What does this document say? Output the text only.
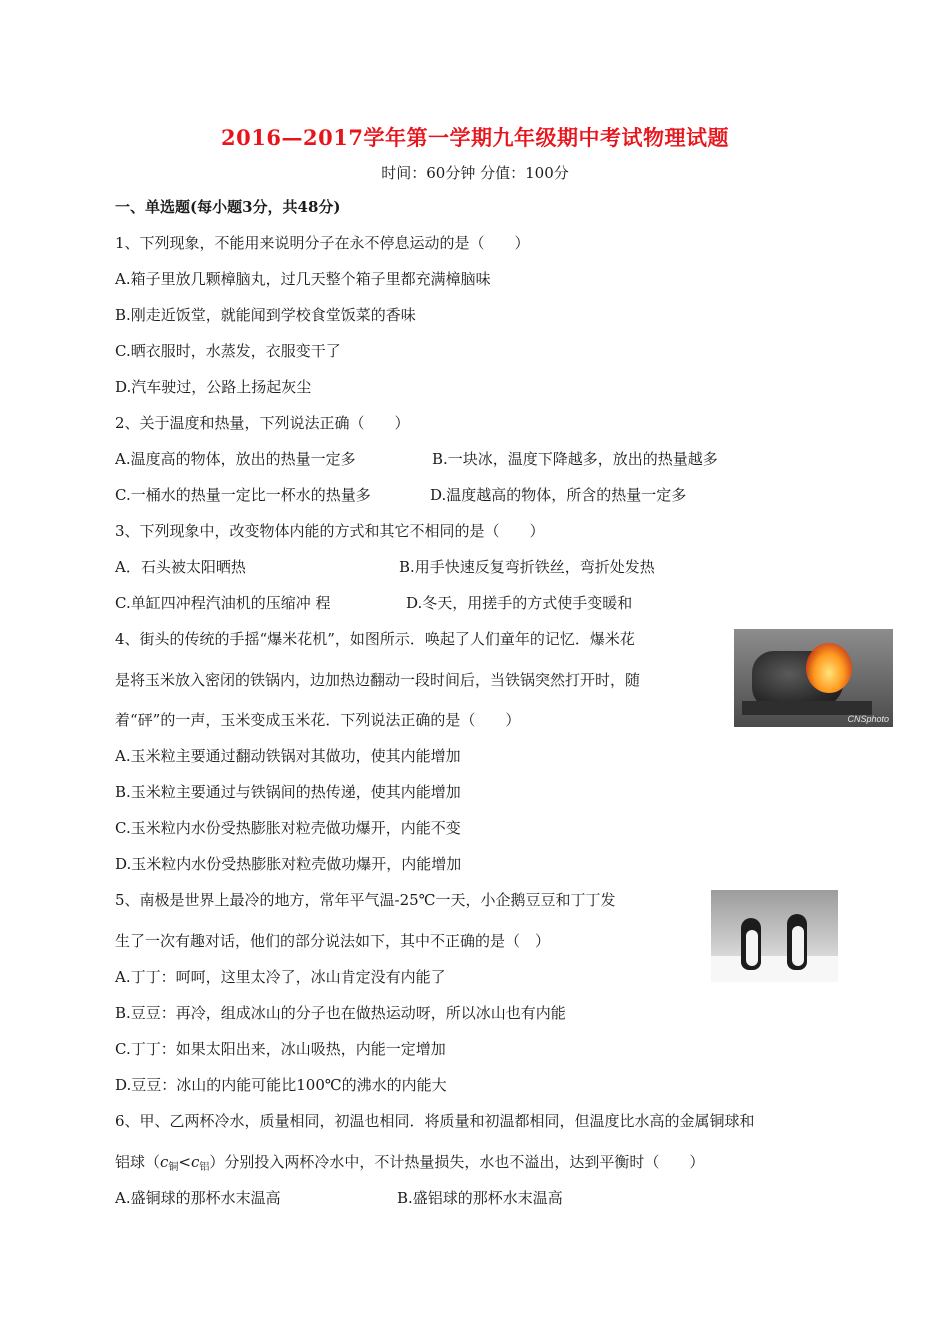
2016—2017学年第一学期九年级期中考试物理试题
时间：60分钟 分值：100分
一、单选题(每小题3分，共48分)
1、下列现象，不能用来说明分子在永不停息运动的是（　　）
A.箱子里放几颗樟脑丸，过几天整个箱子里都充满樟脑味
B.刚走近饭堂，就能闻到学校食堂饭菜的香味
C.晒衣服时，水蒸发，衣服变干了
D.汽车驶过，公路上扬起灰尘
2、关于温度和热量，下列说法正确（　　）
A.温度高的物体，放出的热量一定多	B.一块冰，温度下降越多，放出的热量越多
C.一桶水的热量一定比一杯水的热量多	D.温度越高的物体，所含的热量一定多
3、下列现象中，改变物体内能的方式和其它不相同的是（　　）
A．石头被太阳晒热	B.用手快速反复弯折铁丝，弯折处发热
C.单缸四冲程汽油机的压缩冲 程	D.冬天，用搓手的方式使手变暖和
4、街头的传统的手摇“爆米花机”，如图所示．唤起了人们童年的记忆．爆米花
是将玉米放入密闭的铁锅内，边加热边翻动一段时间后，当铁锅突然打开时，随
着“砰”的一声，玉米变成玉米花．下列说法正确的是（　　）	CNSphoto
A.玉米粒主要通过翻动铁锅对其做功，使其内能增加
B.玉米粒主要通过与铁锅间的热传递，使其内能增加
C.玉米粒内水份受热膨胀对粒壳做功爆开，内能不变
D.玉米粒内水份受热膨胀对粒壳做功爆开，内能增加
5、南极是世界上最冷的地方，常年平气温-25℃一天，小企鹅豆豆和丁丁发
生了一次有趣对话，他们的部分说法如下，其中不正确的是（　）
A.丁丁：呵呵，这里太冷了，冰山肯定没有内能了
B.豆豆：再冷，组成冰山的分子也在做热运动呀，所以冰山也有内能
C.丁丁：如果太阳出来，冰山吸热，内能一定增加
D.豆豆：冰山的内能可能比100℃的沸水的内能大
6、甲、乙两杯冷水，质量相同，初温也相同．将质量和初温都相同，但温度比水高的金属铜球和
铝球$(c_铜<c_铝)$分别投入两杯冷水中，不计热量损失，水也不溢出，达到平衡时（　　）
A.盛铜球的那杯水末温高	B.盛铝球的那杯水末温高
